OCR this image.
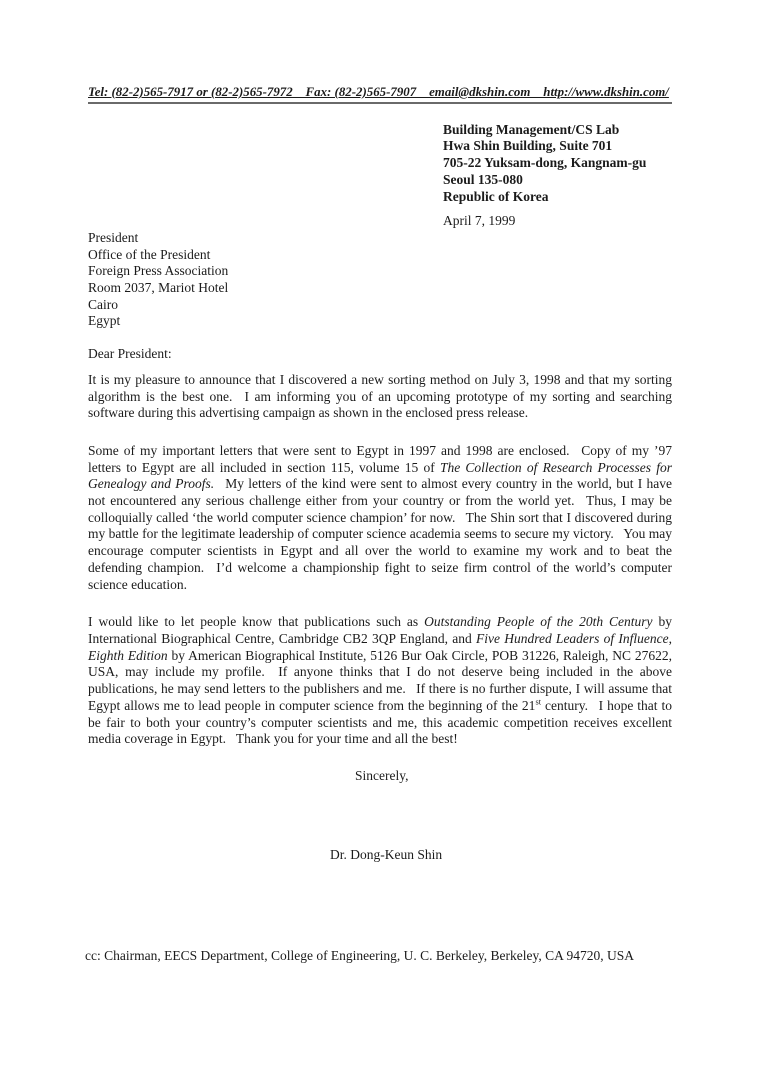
Tel: (82-2)565-7917 or (82-2)565-7972   Fax: (82-2)565-7907   email@dkshin.com   http://www.dkshin.com/
Building Management/CS Lab
Hwa Shin Building, Suite 701
705-22 Yuksam-dong, Kangnam-gu
Seoul 135-080
Republic of Korea
April 7, 1999
President
Office of the President
Foreign Press Association
Room 2037, Mariot Hotel
Cairo
Egypt
Dear President:

It is my pleasure to announce that I discovered a new sorting method on July 3, 1998 and that my sorting algorithm is the best one.  I am informing you of an upcoming prototype of my sorting and searching software during this advertising campaign as shown in the enclosed press release.

Some of my important letters that were sent to Egypt in 1997 and 1998 are enclosed.  Copy of my ’97 letters to Egypt are all included in section 115, volume 15 of The Collection of Research Processes for Genealogy and Proofs.  My letters of the kind were sent to almost every country in the world, but I have not encountered any serious challenge either from your country or from the world yet.  Thus, I may be colloquially called ‘the world computer science champion’ for now.  The Shin sort that I discovered during my battle for the legitimate leadership of computer science academia seems to secure my victory.  You may encourage computer scientists in Egypt and all over the world to examine my work and to beat the defending champion.  I’d welcome a championship fight to seize firm control of the world’s computer science education.

I would like to let people know that publications such as Outstanding People of the 20th Century by International Biographical Centre, Cambridge CB2 3QP England, and Five Hundred Leaders of Influence, Eighth Edition by American Biographical Institute, 5126 Bur Oak Circle, POB 31226, Raleigh, NC 27622, USA, may include my profile.  If anyone thinks that I do not deserve being included in the above publications, he may send letters to the publishers and me.  If there is no further dispute, I will assume that Egypt allows me to lead people in computer science from the beginning of the 21st century.  I hope that to be fair to both your country’s computer scientists and me, this academic competition receives excellent media coverage in Egypt.  Thank you for your time and all the best!

Sincerely,
Dr. Dong-Keun Shin
cc: Chairman, EECS Department, College of Engineering, U. C. Berkeley, Berkeley, CA 94720, USA
